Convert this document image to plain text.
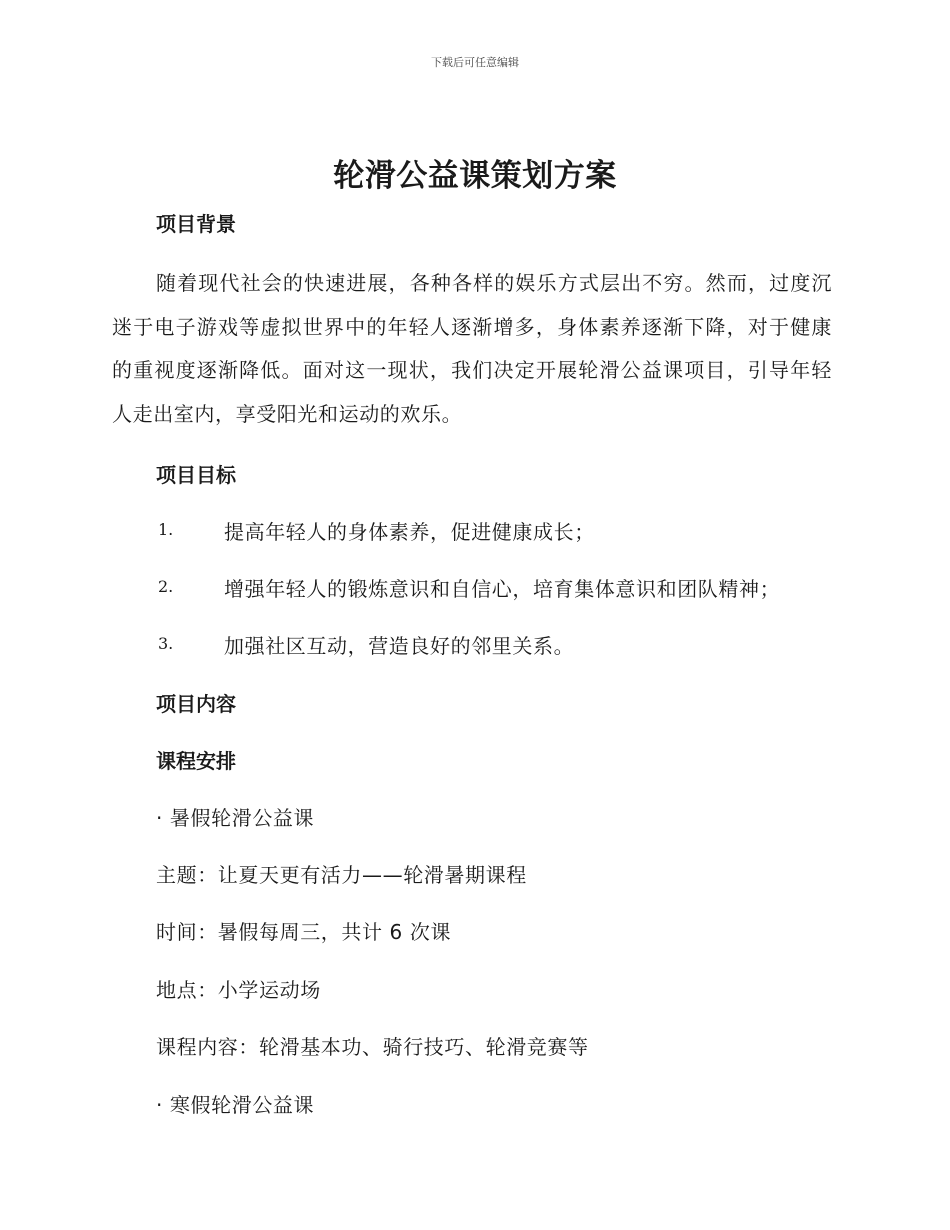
下载后可任意编辑
轮滑公益课策划方案
项目背景
随着现代社会的快速进展，各种各样的娱乐方式层出不穷。然而，过度沉迷于电子游戏等虚拟世界中的年轻人逐渐增多，身体素养逐渐下降，对于健康的重视度逐渐降低。面对这一现状，我们决定开展轮滑公益课项目，引导年轻人走出室内，享受阳光和运动的欢乐。
项目目标
1.	提高年轻人的身体素养，促进健康成长；
2.	增强年轻人的锻炼意识和自信心，培育集体意识和团队精神；
3.	加强社区互动，营造良好的邻里关系。
项目内容
课程安排
· 暑假轮滑公益课
主题：让夏天更有活力——轮滑暑期课程
时间：暑假每周三，共计 6 次课
地点：小学运动场
课程内容：轮滑基本功、骑行技巧、轮滑竞赛等
· 寒假轮滑公益课
